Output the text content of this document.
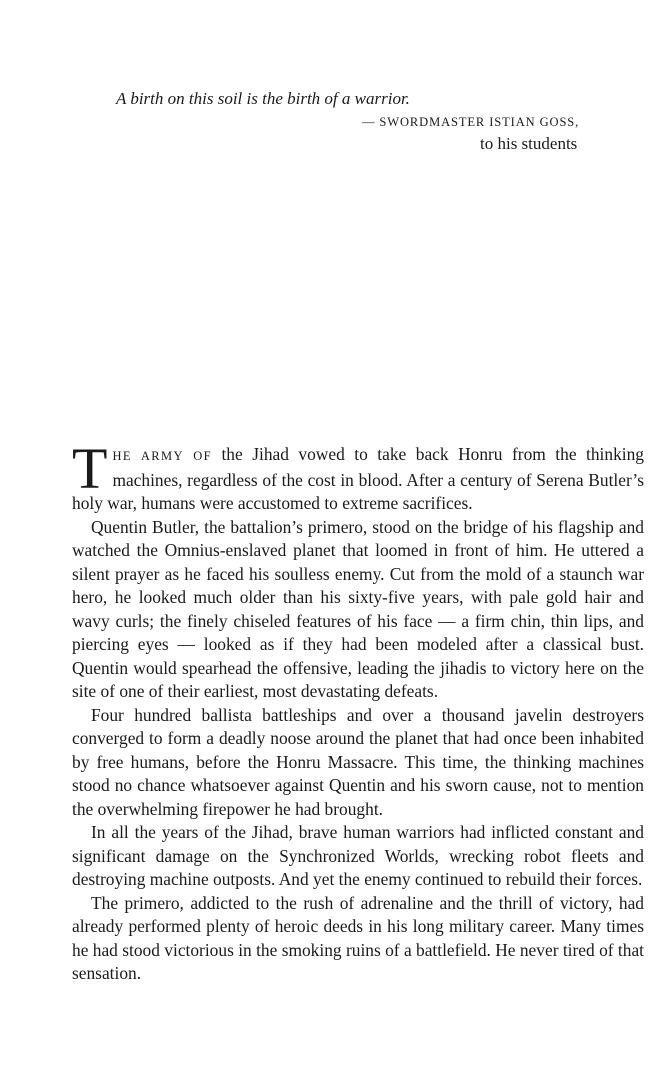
A birth on this soil is the birth of a warrior.

— SWORDMASTER ISTIAN GOSS,
to his students

THE ARMY OF the Jihad vowed to take back Honru from the thinking machines, regardless of the cost in blood. After a century of Serena Butler’s holy war, humans were accustomed to extreme sacrifices.

Quentin Butler, the battalion’s primero, stood on the bridge of his flagship and watched the Omnius-enslaved planet that loomed in front of him. He uttered a silent prayer as he faced his soulless enemy. Cut from the mold of a staunch war hero, he looked much older than his sixty-five years, with pale gold hair and wavy curls; the finely chiseled features of his face — a firm chin, thin lips, and piercing eyes — looked as if they had been modeled after a classical bust. Quentin would spearhead the offensive, leading the jihadis to victory here on the site of one of their earliest, most devastating defeats.

Four hundred ballista battleships and over a thousand javelin destroyers converged to form a deadly noose around the planet that had once been inhabited by free humans, before the Honru Massacre. This time, the thinking machines stood no chance whatsoever against Quentin and his sworn cause, not to mention the overwhelming firepower he had brought.

In all the years of the Jihad, brave human warriors had inflicted constant and significant damage on the Synchronized Worlds, wrecking robot fleets and destroying machine outposts. And yet the enemy continued to rebuild their forces.

The primero, addicted to the rush of adrenaline and the thrill of victory, had already performed plenty of heroic deeds in his long military career. Many times he had stood victorious in the smoking ruins of a battlefield. He never tired of that sensation.
